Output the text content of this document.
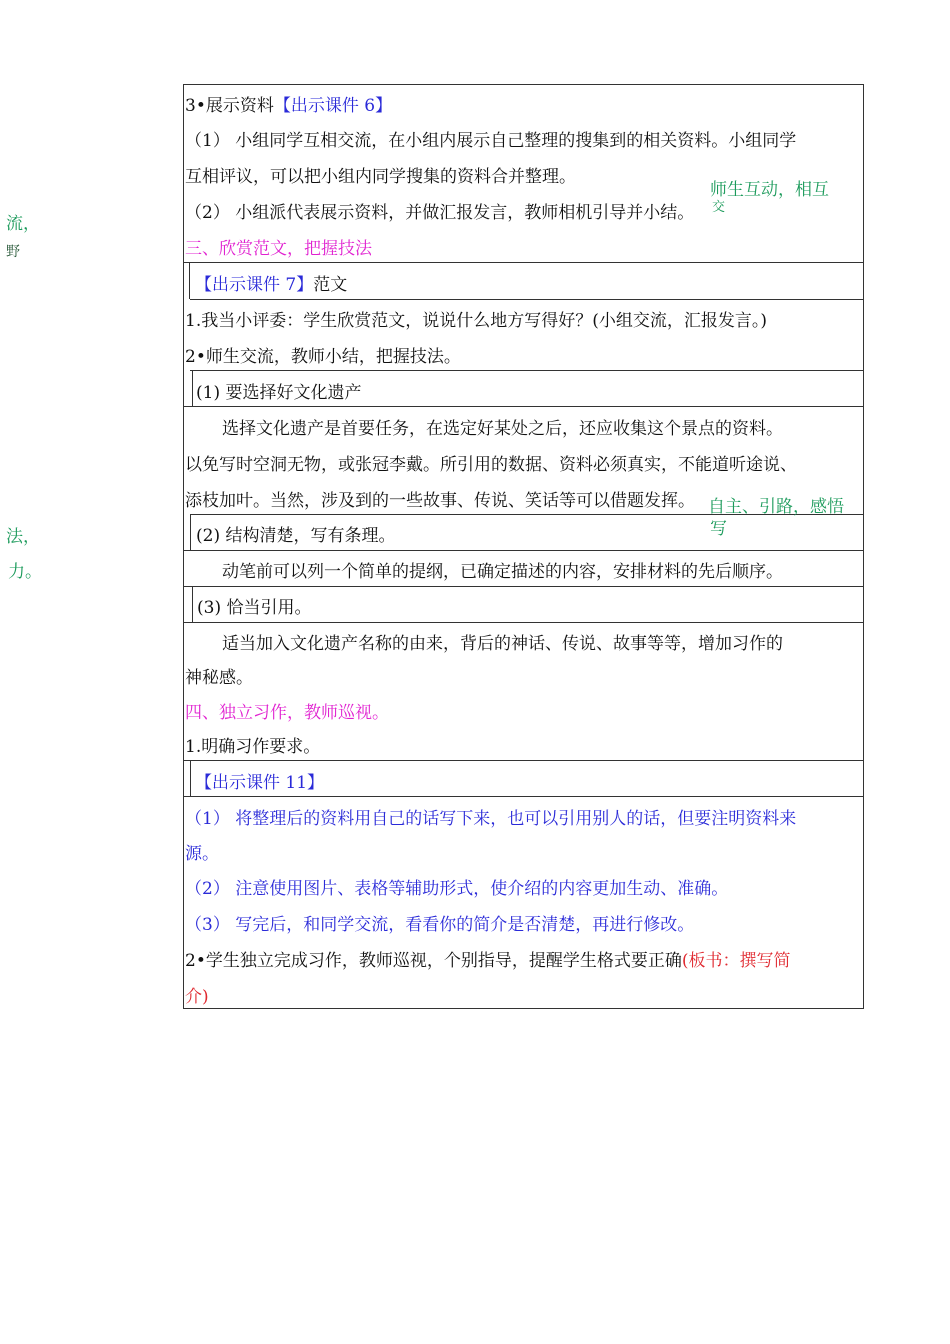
流，
野
法，
力。
3•展示资料【出示课件 6】
（1） 小组同学互相交流，在小组内展示自己整理的搜集到的相关资料。小组同学
互相评议，可以把小组内同学搜集的资料合并整理。
（2） 小组派代表展示资料，并做汇报发言，教师相机引导并小结。
师生互动，相互
交
三、欣赏范文，把握技法
【出示课件 7】范文
1.我当小评委：学生欣赏范文，说说什么地方写得好？(小组交流，汇报发言。)
2•师生交流，教师小结，把握技法。
(1) 要选择好文化遗产
选择文化遗产是首要任务，在选定好某处之后，还应收集这个景点的资料。
以免写时空洞无物，或张冠李戴。所引用的数据、资料必须真实，不能道听途说、
添枝加叶。当然，涉及到的一些故事、传说、笑话等可以借题发挥。 自主、引路，感悟
写
(2) 结构清楚，写有条理。
动笔前可以列一个简单的提纲，已确定描述的内容，安排材料的先后顺序。
(3) 恰当引用。
适当加入文化遗产名称的由来，背后的神话、传说、故事等等，增加习作的
神秘感。
四、独立习作，教师巡视。
1.明确习作要求。
【出示课件 11】
（1） 将整理后的资料用自己的话写下来，也可以引用别人的话，但要注明资料来
源。
（2） 注意使用图片、表格等辅助形式，使介绍的内容更加生动、准确。
（3） 写完后，和同学交流，看看你的简介是否清楚，再进行修改。
2•学生独立完成习作，教师巡视，个别指导，提醒学生格式要正确(板书：撰写简
介)
